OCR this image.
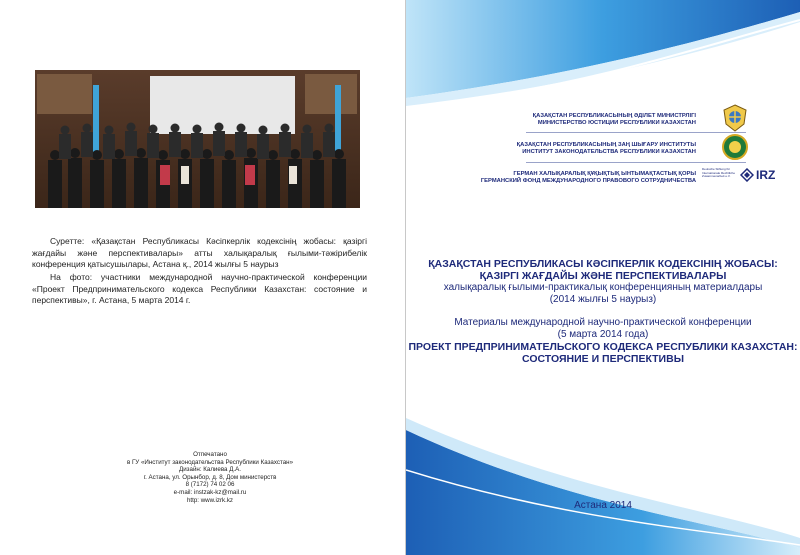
Суретте: «Қазақстан Республикасы Кәсіпкерлік кодексінің жобасы: қазіргі жағдайы және перспективалары» атты халықаралық ғылыми-тәжірибелік конференция қатысушылары, Астана қ., 2014 жылғы 5 наурыз

На фото: участники международной научно-практической конференции «Проект Предпринимательского кодекса Республики Казахстан: состояние и перспективы», г. Астана, 5 марта 2014 г.

Отпечатано
в ГУ «Институт законодательства Республики Казахстан»
Дизайн: Калиева Д.А.
г. Астана, ул. Орынбор, д. 8, Дом министерств
8 (7172) 74 02 06
e-mail: instzak-kz@mail.ru
http: www.izrk.kz
ҚАЗАҚСТАН РЕСПУБЛИКАСЫНЫҢ ӘДІЛЕТ МИНИСТРЛІГІ
МИНИСТЕРСТВО ЮСТИЦИИ РЕСПУБЛИКИ КАЗАХСТАН
ҚАЗАҚСТАН РЕСПУБЛИКАСЫНЫҢ ЗАҢ ШЫҒАРУ ИНСТИТУТЫ
ИНСТИТУТ ЗАКОНОДАТЕЛЬСТВА РЕСПУБЛИКИ КАЗАХСТАН
ГЕРМАН ХАЛЫҚАРАЛЫҚ ҚҰҚЫҚТЫҚ ЫНТЫМАҚТАСТЫҚ ҚОРЫ
ГЕРМАНСКИЙ ФОНД МЕЖДУНАРОДНОГО ПРАВОВОГО СОТРУДНИЧЕСТВА
Deutsche Stiftung für Internationale Rechtliche Zusammenarbeit e.V.	IRZ
ҚАЗАҚСТАН РЕСПУБЛИКАСЫ КӘСІПКЕРЛІК КОДЕКСІНІҢ ЖОБАСЫ:
ҚАЗІРГІ ЖАҒДАЙЫ ЖӘНЕ ПЕРСПЕКТИВАЛАРЫ
халықаралық ғылыми-практикалық конференцияның материалдары
(2014 жылғы 5 наурыз)
Материалы международной научно-практической конференции
(5 марта 2014 года)
ПРОЕКТ ПРЕДПРИНИМАТЕЛЬСКОГО КОДЕКСА РЕСПУБЛИКИ КАЗАХСТАН:
СОСТОЯНИЕ И ПЕРСПЕКТИВЫ
Астана 2014
